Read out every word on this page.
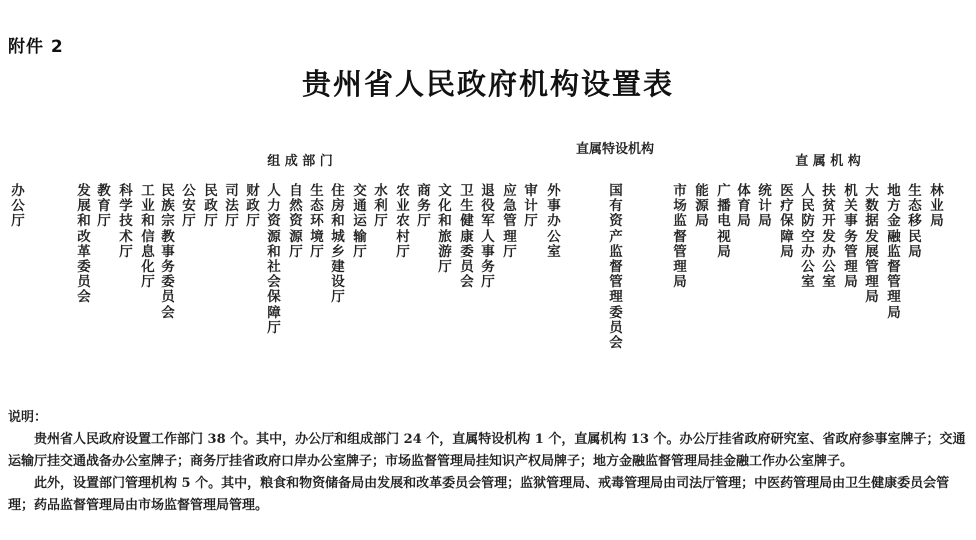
附件 2
贵州省人民政府机构设置表
组 成 部 门
直属特设机构
直 属 机 构
办公厅
发展和改革委员会
教育厅
科学技术厅
工业和信息化厅
民族宗教事务委员会
公安厅
民政厅
司法厅
财政厅
人力资源和社会保障厅
自然资源厅
生态环境厅
住房和城乡建设厅
交通运输厅
水利厅
农业农村厅
商务厅
文化和旅游厅
卫生健康委员会
退役军人事务厅
应急管理厅
审计厅
外事办公室
国有资产监督管理委员会
市场监督管理局
能源局
广播电视局
体育局
统计局
医疗保障局
人民防空办公室
扶贫开发办公室
机关事务管理局
大数据发展管理局
地方金融监督管理局
生态移民局
林业局

说明：

贵州省人民政府设置工作部门 38 个。其中，办公厅和组成部门 24 个，直属特设机构 1 个，直属机构 13 个。办公厅挂省政府研究室、省政府参事室牌子；交通运输厅挂交通战备办公室牌子；商务厅挂省政府口岸办公室牌子；市场监督管理局挂知识产权局牌子；地方金融监督管理局挂金融工作办公室牌子。

此外，设置部门管理机构 5 个。其中，粮食和物资储备局由发展和改革委员会管理；监狱管理局、戒毒管理局由司法厅管理；中医药管理局由卫生健康委员会管理；药品监督管理局由市场监督管理局管理。
